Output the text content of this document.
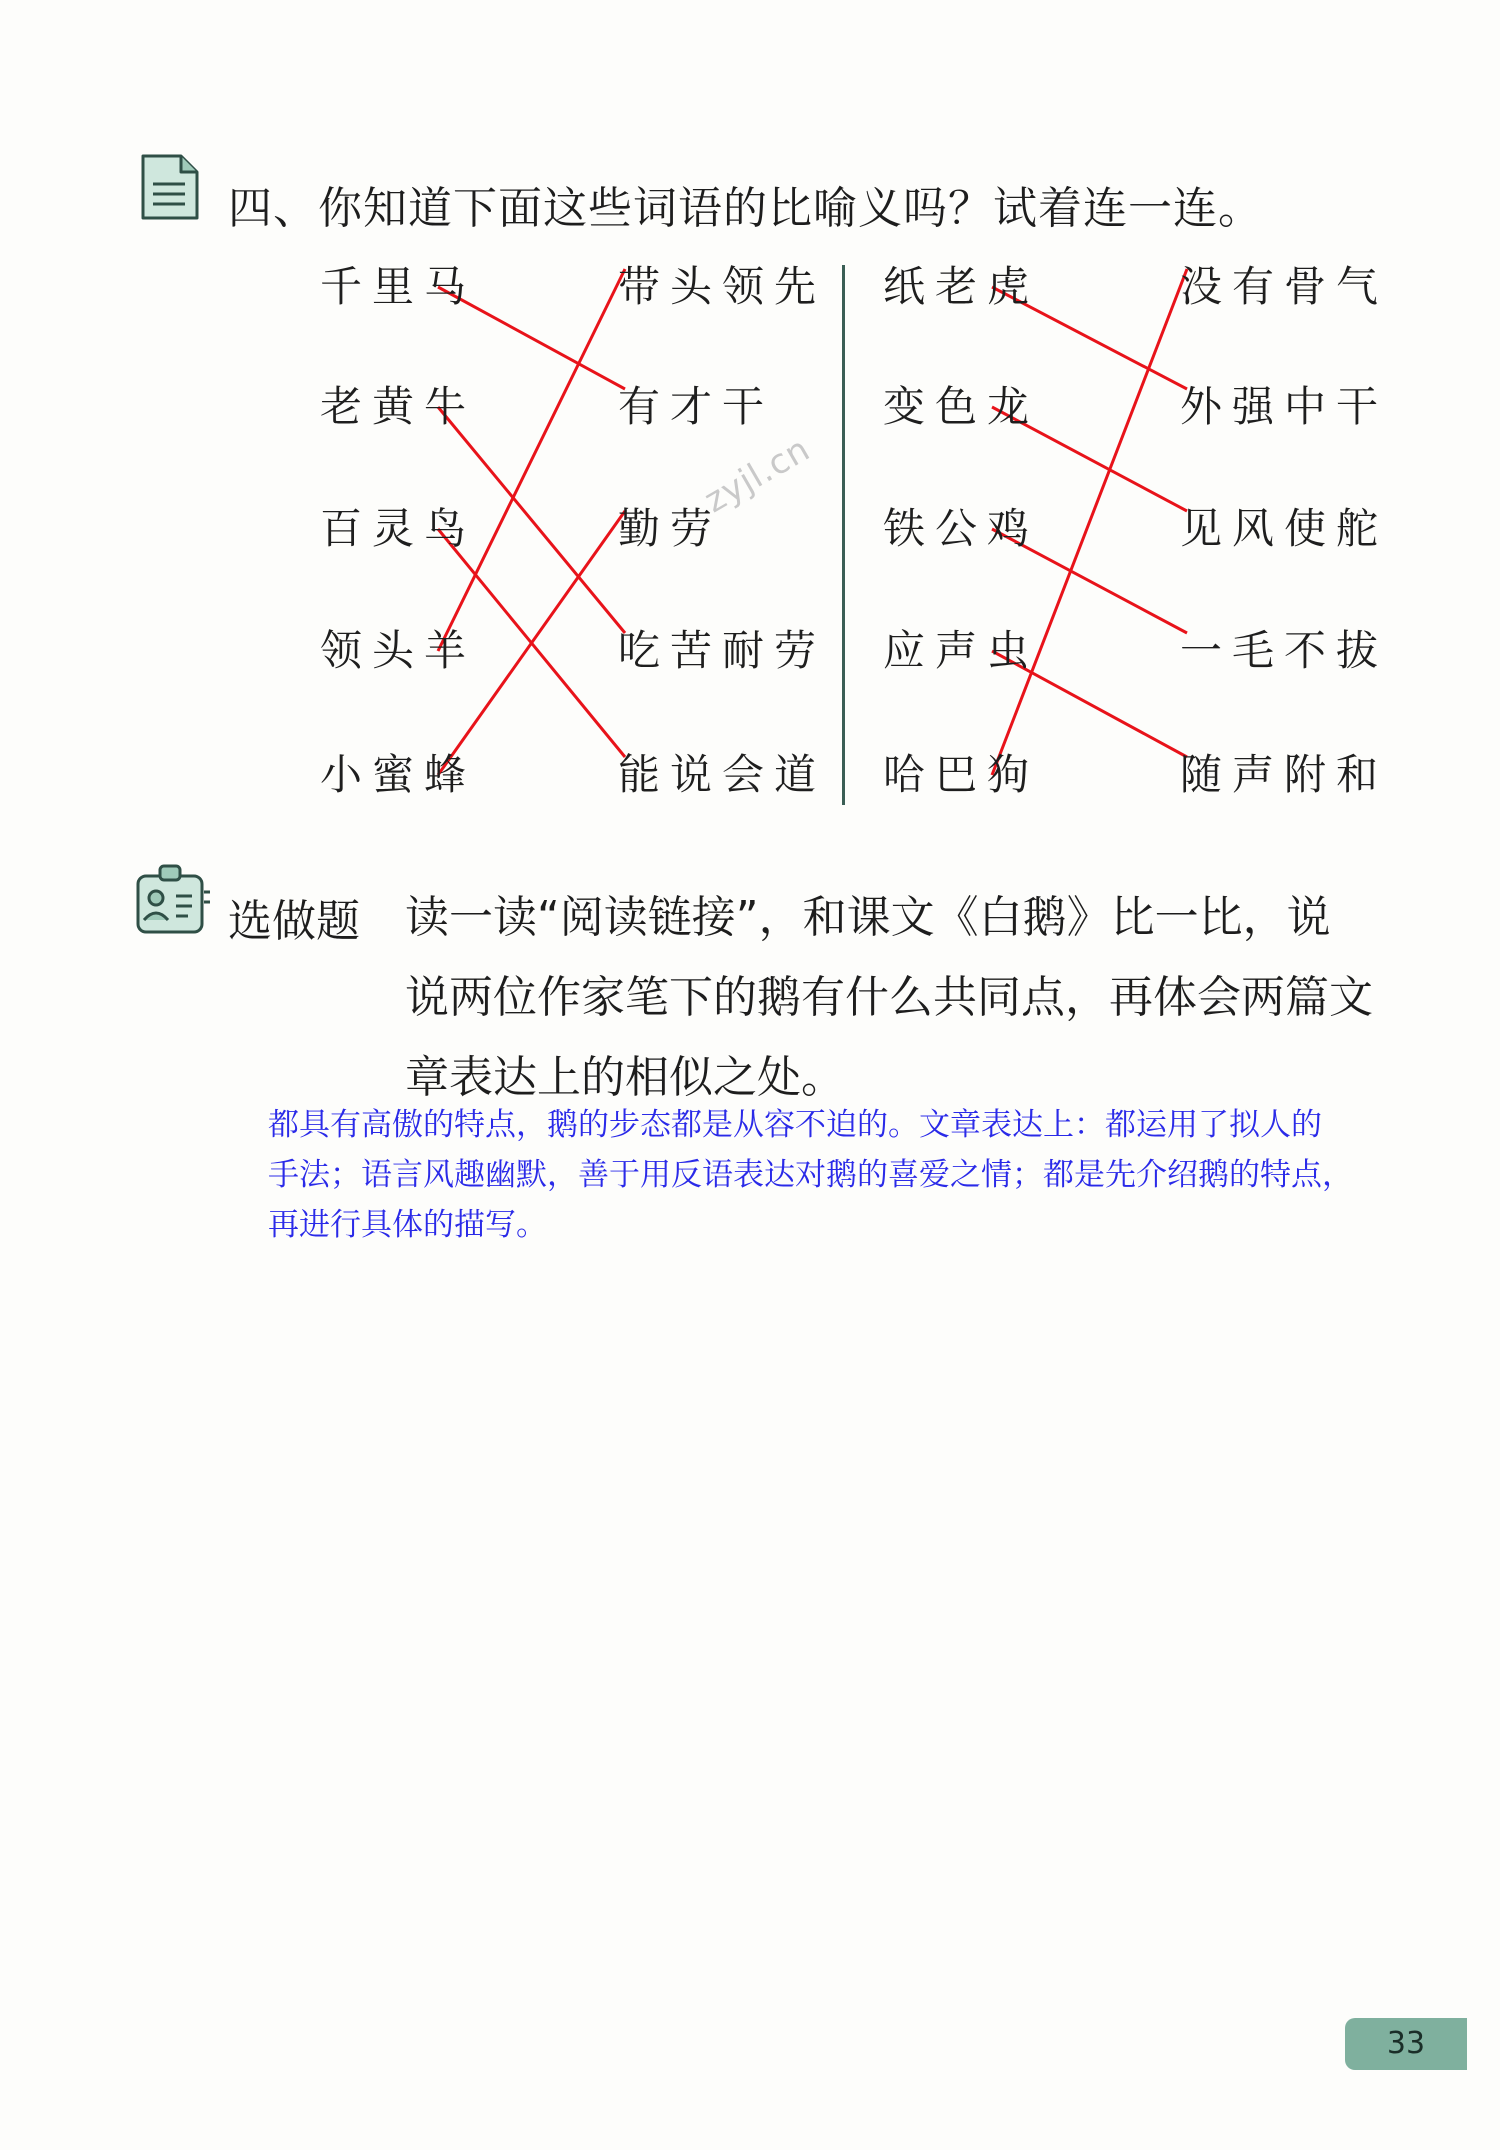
四、你知道下面这些词语的比喻义吗？试着连一连。
千里马
老黄牛
百灵鸟
领头羊
小蜜蜂
带头领先
有才干
勤劳
吃苦耐劳
能说会道
纸老虎
变色龙
铁公鸡
应声虫
哈巴狗
没有骨气
外强中干
见风使舵
一毛不拔
随声附和
zyjl.cn
选做题 读一读“阅读链接”，和课文《白鹅》比一比，说
说两位作家笔下的鹅有什么共同点，再体会两篇文
章表达上的相似之处。
都具有高傲的特点，鹅的步态都是从容不迫的。文章表达上：都运用了拟人的
手法；语言风趣幽默，善于用反语表达对鹅的喜爱之情；都是先介绍鹅的特点，
再进行具体的描写。
33
